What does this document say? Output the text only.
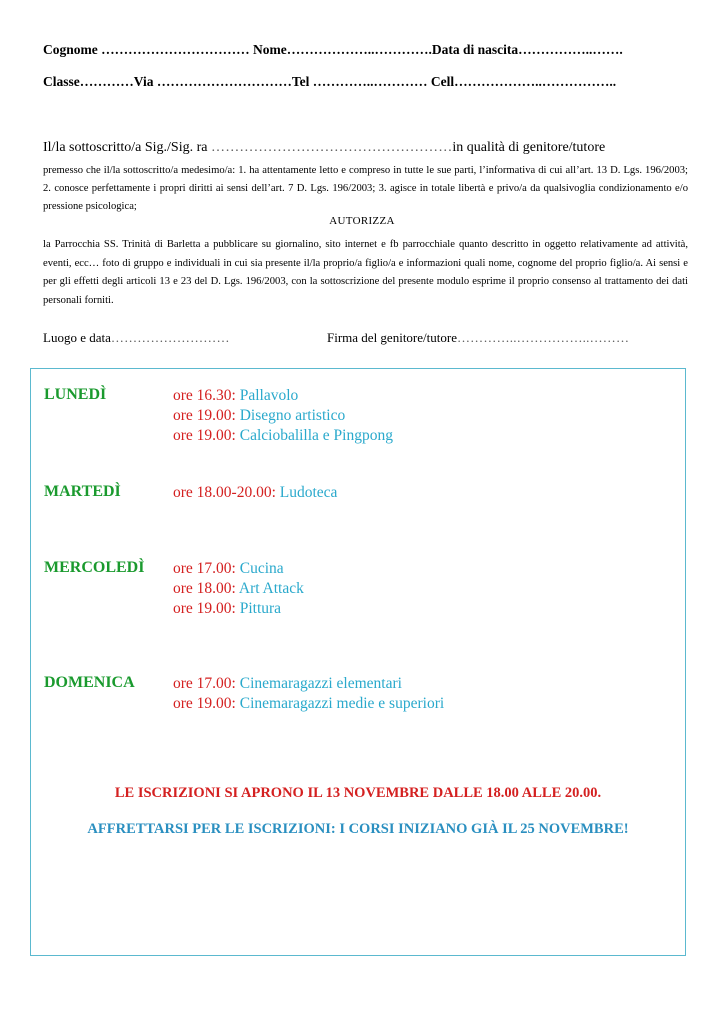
Cognome …………………………… Nome………………..………….Data di nascita……………..…….
Classe…………Via …………………………Tel …………..………… Cell………………..……………..
Il/la sottoscritto/a Sig./Sig. ra ……………………………………………in qualità di genitore/tutore
premesso che il/la sottoscritto/a medesimo/a: 1. ha attentamente letto e compreso in tutte le sue parti, l’informativa di cui all’art. 13 D. Lgs. 196/2003; 2. conosce perfettamente i propri diritti ai sensi dell’art. 7 D. Lgs. 196/2003; 3. agisce in totale libertà e privo/a da qualsivoglia condizionamento e/o pressione psicologica;
AUTORIZZA
la Parrocchia SS. Trinità di Barletta a pubblicare su giornalino, sito internet e fb parrocchiale quanto descritto in oggetto relativamente ad attività, eventi, ecc… foto di gruppo e individuali in cui sia presente il/la proprio/a figlio/a e informazioni quali nome, cognome del proprio figlio/a. Ai sensi e per gli effetti degli articoli 13 e 23 del D. Lgs. 196/2003, con la sottoscrizione del presente modulo esprime il proprio consenso al trattamento dei dati personali forniti.
Luogo e data………………………	Firma del genitore/tutore…………..……………..………
LUNEDÌ	ore 16.30: Pallavolo
ore 19.00: Disegno artistico
ore 19.00: Calciobalilla e Pingpong
MARTEDÌ	ore 18.00-20.00: Ludoteca
MERCOLEDÌ ore 17.00: Cucina
ore 18.00: Art Attack
ore 19.00: Pittura
DOMENICA ore 17.00: Cinemaragazzi elementari
ore 19.00: Cinemaragazzi medie e superiori
LE ISCRIZIONI SI APRONO IL 13 NOVEMBRE DALLE 18.00 ALLE 20.00.
AFFRETTARSI PER LE ISCRIZIONI: I CORSI INIZIANO GIÀ IL 25 NOVEMBRE!
